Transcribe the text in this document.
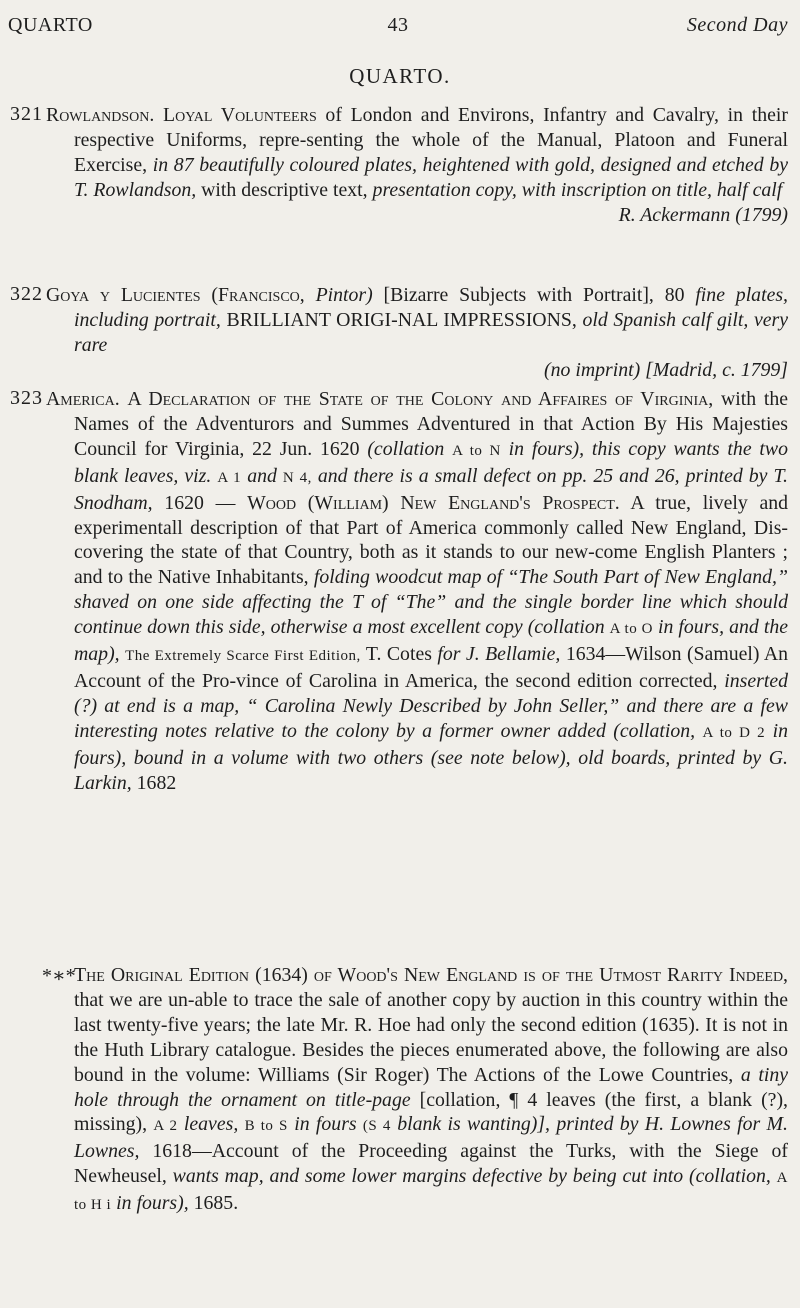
QUARTO	43	Second Day
QUARTO.
321 Rowlandson. Loyal Volunteers of London and Environs, Infantry and Cavalry, in their respective Uniforms, repre-senting the whole of the Manual, Platoon and Funeral Exercise, in 87 beautifully coloured plates, heightened with gold, designed and etched by T. Rowlandson, with descriptive text, presentation copy, with inscription on title, half calf
R. Ackermann (1799)
322 Goya y Lucientes (Francisco, Pintor) [Bizarre Subjects with Portrait], 80 fine plates, including portrait, BRILLIANT ORIGI-NAL IMPRESSIONS, old Spanish calf gilt, very rare
(no imprint) [Madrid, c. 1799]
323 America. A Declaration of the State of the Colony and Affaires of Virginia, with the Names of the Adventurors and Summes Adventured in that Action By His Majesties Council for Virginia, 22 Jun. 1620 (collation A to N in fours), this copy wants the two blank leaves, viz. A 1 and N 4, and there is a small defect on pp. 25 and 26, printed by T. Snodham, 1620 — Wood (William) New England's Prospect. A true, lively and experimentall description of that Part of America commonly called New England, Dis-covering the state of that Country, both as it stands to our new-come English Planters ; and to the Native Inhabitants, folding woodcut map of “The South Part of New England,” shaved on one side affecting the T of “The” and the single border line which should continue down this side, otherwise a most excellent copy (collation A to O in fours, and the map), The Extremely Scarce First Edition, T. Cotes for J. Bellamie, 1634—Wilson (Samuel) An Account of the Pro-vince of Carolina in America, the second edition corrected, inserted (?) at end is a map, “ Carolina Newly Described by John Seller,” and there are a few interesting notes relative to the colony by a former owner added (collation, A to D 2 in fours), bound in a volume with two others (see note below), old boards, printed by G. Larkin, 1682
*∗*
The Original Edition (1634) of Wood's New England is of the Utmost Rarity Indeed, that we are un-able to trace the sale of another copy by auction in this country within the last twenty-five years; the late Mr. R. Hoe had only the second edition (1635). It is not in the Huth Library catalogue. Besides the pieces enumerated above, the following are also bound in the volume: Williams (Sir Roger) The Actions of the Lowe Countries, a tiny hole through the ornament on title-page [collation, ¶ 4 leaves (the first, a blank (?), missing), A 2 leaves, B to S in fours (S 4 blank is wanting)], printed by H. Lownes for M. Lownes, 1618—Account of the Proceeding against the Turks, with the Siege of Newheusel, wants map, and some lower margins defective by being cut into (collation, A to H i in fours), 1685.
